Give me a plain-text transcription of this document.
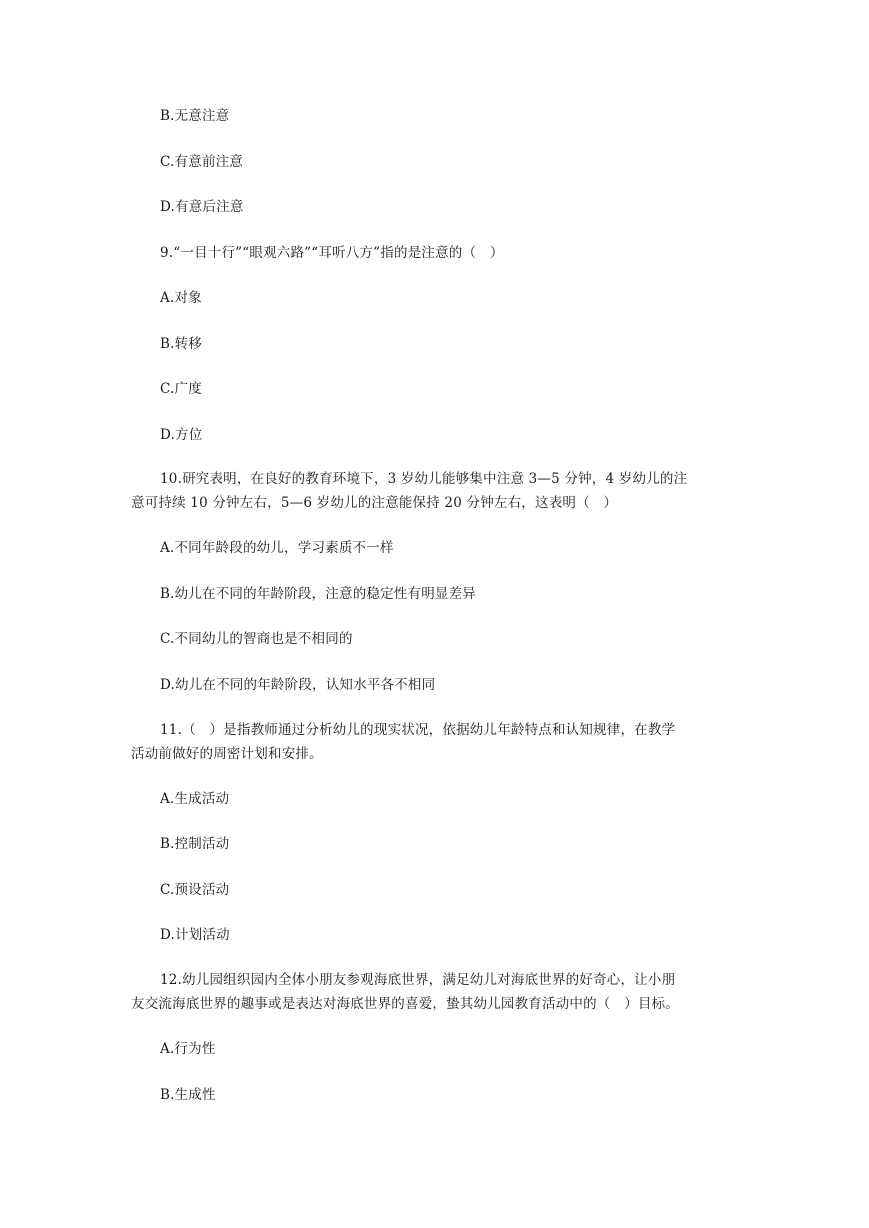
B.无意注意
C.有意前注意
D.有意后注意
9.“一目十行”“眼观六路”“耳听八方”指的是注意的（　）
A.对象
B.转移
C.广度
D.方位
10.研究表明，在良好的教育环境下，3 岁幼儿能够集中注意 3—5 分钟，4 岁幼儿的注
意可持续 10 分钟左右，5—6 岁幼儿的注意能保持 20 分钟左右，这表明（　）
A.不同年龄段的幼儿，学习素质不一样
B.幼儿在不同的年龄阶段，注意的稳定性有明显差异
C.不同幼儿的智商也是不相同的
D.幼儿在不同的年龄阶段，认知水平各不相同
11.（　）是指教师通过分析幼儿的现实状况，依据幼儿年龄特点和认知规律，在教学
活动前做好的周密计划和安排。
A.生成活动
B.控制活动
C.预设活动
D.计划活动
12.幼儿园组织园内全体小朋友参观海底世界，满足幼儿对海底世界的好奇心，让小朋
友交流海底世界的趣事或是表达对海底世界的喜爱，蛰其幼儿园教育活动中的（　）目标。
A.行为性
B.生成性
